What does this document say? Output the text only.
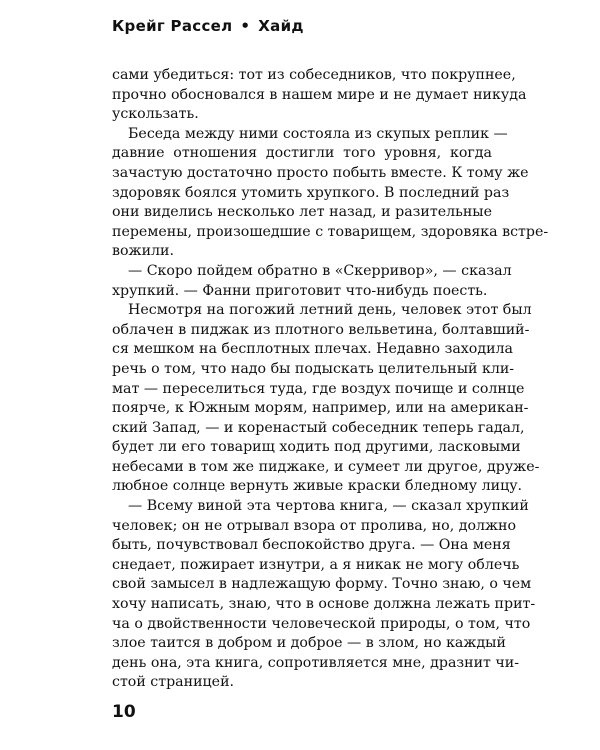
Крейг Рассел • Хайд
сами убедиться: тот из собеседников, что покрупнее,
прочно обосновался в нашем мире и не думает никуда
ускользать.
Беседа между ними состояла из скупых реплик —
давние отношения достигли того уровня, когда
зачастую достаточно просто побыть вместе. К тому же
здоровяк боялся утомить хрупкого. В последний раз
они виделись несколько лет назад, и разительные
перемены, произошедшие с товарищем, здоровяка встре-
вожили.
— Скоро пойдем обратно в «Скерривор», — сказал
хрупкий. — Фанни приготовит что-нибудь поесть.
Несмотря на погожий летний день, человек этот был
облачен в пиджак из плотного вельветина, болтавший-
ся мешком на бесплотных плечах. Недавно заходила
речь о том, что надо бы подыскать целительный кли-
мат — переселиться туда, где воздух почище и солнце
поярче, к Южным морям, например, или на американ-
ский Запад, — и коренастый собеседник теперь гадал,
будет ли его товарищ ходить под другими, ласковыми
небесами в том же пиджаке, и сумеет ли другое, друже-
любное солнце вернуть живые краски бледному лицу.
— Всему виной эта чертова книга, — сказал хрупкий
человек; он не отрывал взора от пролива, но, должно
быть, почувствовал беспокойство друга. — Она меня
снедает, пожирает изнутри, а я никак не могу облечь
свой замысел в надлежащую форму. Точно знаю, о чем
хочу написать, знаю, что в основе должна лежать прит-
ча о двойственности человеческой природы, о том, что
злое таится в добром и доброе — в злом, но каждый
день она, эта книга, сопротивляется мне, дразнит чи-
стой страницей.
10
